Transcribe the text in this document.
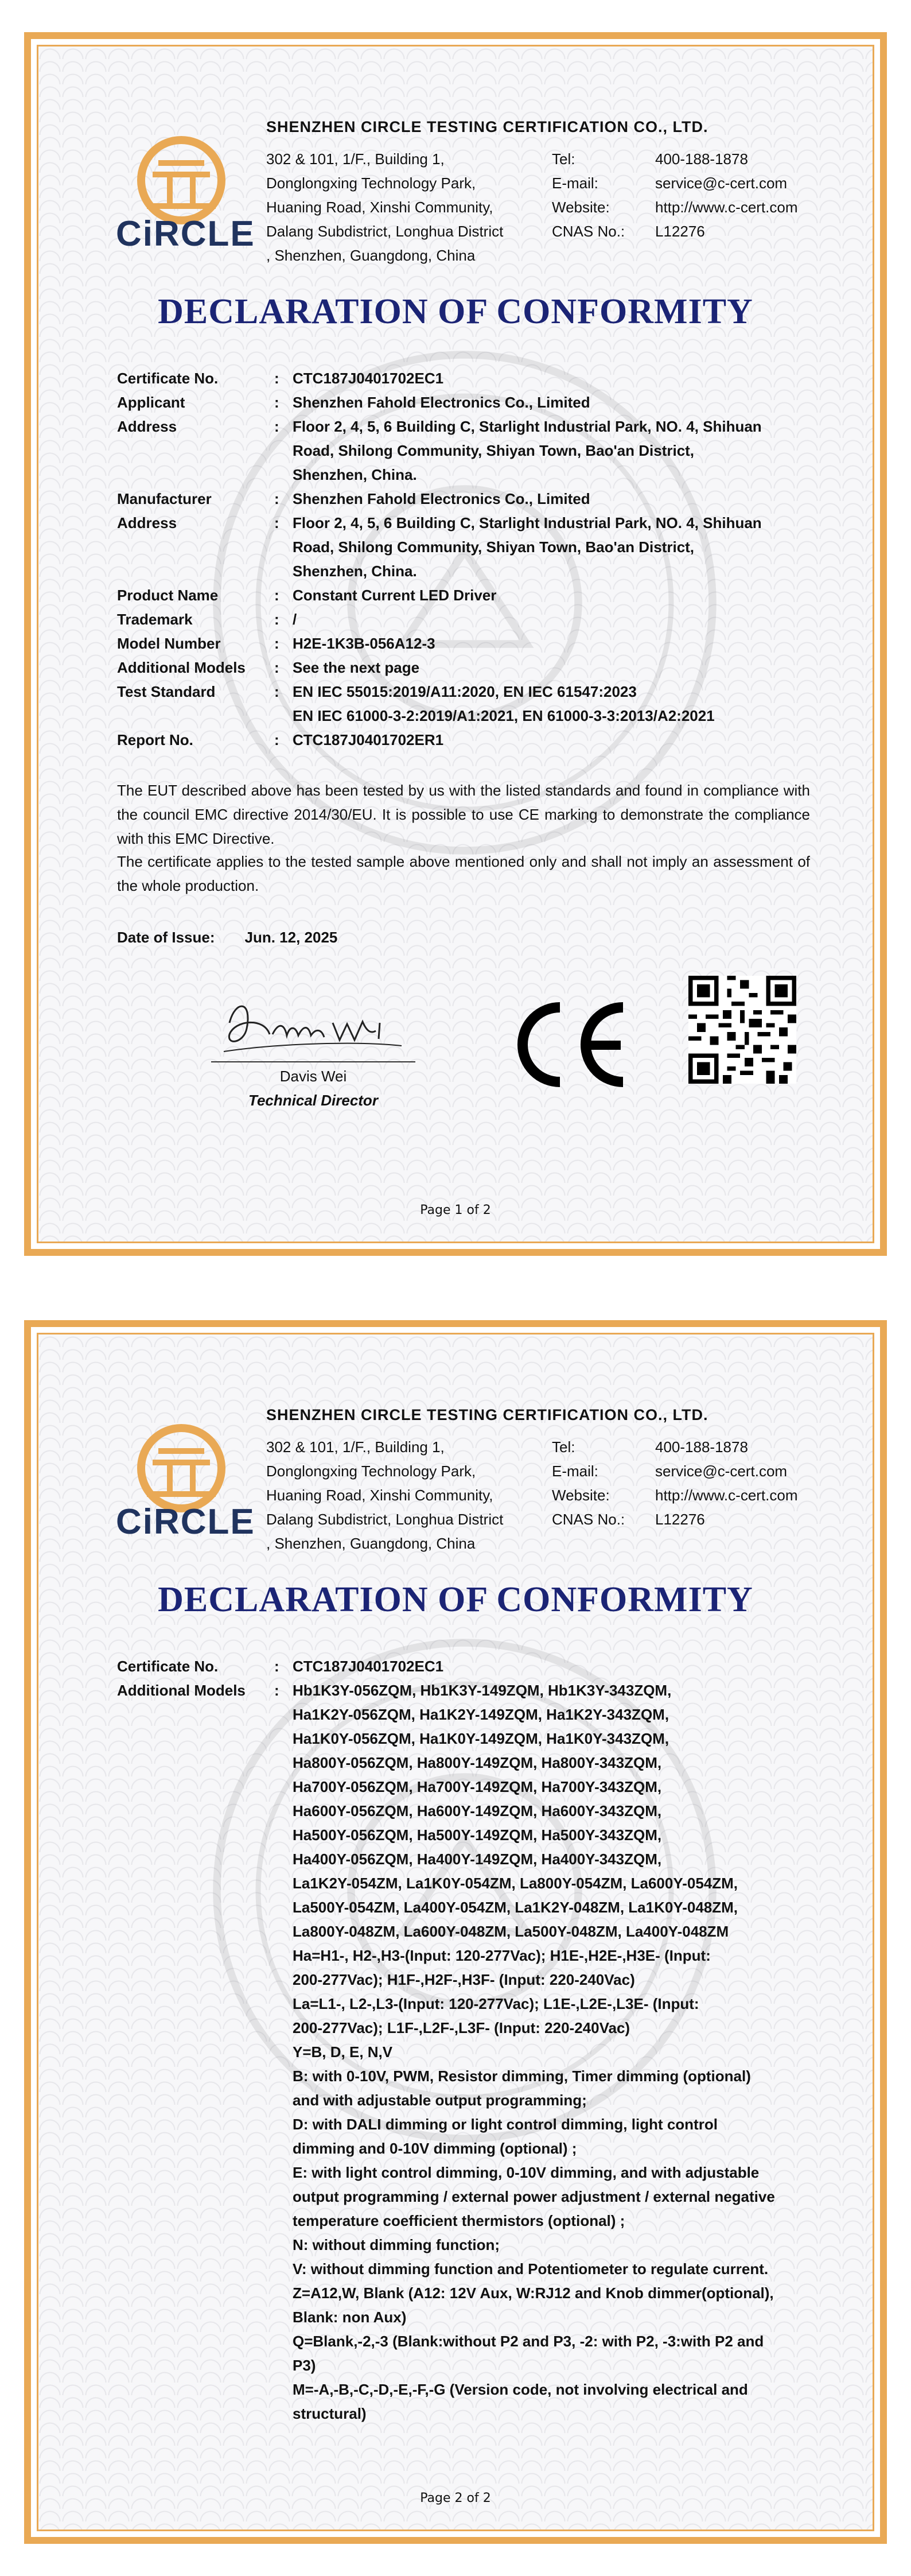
CiRCLE
SHENZHEN CIRCLE TESTING CERTIFICATION CO., LTD.
302 & 101, 1/F., Building 1,
Donglongxing Technology Park,
Huaning Road, Xinshi Community,
Dalang Subdistrict, Longhua District
, Shenzhen, Guangdong, China
Tel:	400-188-1878
E-mail:	service@c-cert.com
Website:	http://www.c-cert.com
CNAS No.: L12276
DECLARATION OF CONFORMITY
Certificate No.	: CTC187J0401702EC1
Applicant	: Shenzhen Fahold Electronics Co., Limited
Address	: Floor 2, 4, 5, 6 Building C, Starlight Industrial Park, NO. 4, Shihuan
Road, Shilong Community, Shiyan Town, Bao'an District,
Shenzhen, China.
Manufacturer	: Shenzhen Fahold Electronics Co., Limited
Address	: Floor 2, 4, 5, 6 Building C, Starlight Industrial Park, NO. 4, Shihuan
Road, Shilong Community, Shiyan Town, Bao'an District,
Shenzhen, China.
Product Name	: Constant Current LED Driver
Trademark	: /
Model Number	: H2E-1K3B-056A12-3
Additional Models	: See the next page
Test Standard	: EN IEC 55015:2019/A11:2020, EN IEC 61547:2023
EN IEC 61000-3-2:2019/A1:2021, EN 61000-3-3:2013/A2:2021
Report No.	: CTC187J0401702ER1
The EUT described above has been tested by us with the listed standards and found in compliance with the council EMC directive 2014/30/EU. It is possible to use CE marking to demonstrate the compliance with this EMC Directive.
The certificate applies to the tested sample above mentioned only and shall not imply an assessment of the whole production.
Date of Issue: Jun. 12, 2025
Davis Wei
Davis Wei
Technical Director
Page 1 of 2
CiRCLE
SHENZHEN CIRCLE TESTING CERTIFICATION CO., LTD.
302 & 101, 1/F., Building 1,
Donglongxing Technology Park,
Huaning Road, Xinshi Community,
Dalang Subdistrict, Longhua District
, Shenzhen, Guangdong, China
Tel:	400-188-1878
E-mail:	service@c-cert.com
Website:	http://www.c-cert.com
CNAS No.: L12276
DECLARATION OF CONFORMITY
Certificate No.	: CTC187J0401702EC1
Additional Models	: Hb1K3Y-056ZQM, Hb1K3Y-149ZQM, Hb1K3Y-343ZQM,
Ha1K2Y-056ZQM, Ha1K2Y-149ZQM, Ha1K2Y-343ZQM,
Ha1K0Y-056ZQM, Ha1K0Y-149ZQM, Ha1K0Y-343ZQM,
Ha800Y-056ZQM, Ha800Y-149ZQM, Ha800Y-343ZQM,
Ha700Y-056ZQM, Ha700Y-149ZQM, Ha700Y-343ZQM,
Ha600Y-056ZQM, Ha600Y-149ZQM, Ha600Y-343ZQM,
Ha500Y-056ZQM, Ha500Y-149ZQM, Ha500Y-343ZQM,
Ha400Y-056ZQM, Ha400Y-149ZQM, Ha400Y-343ZQM,
La1K2Y-054ZM, La1K0Y-054ZM, La800Y-054ZM, La600Y-054ZM,
La500Y-054ZM, La400Y-054ZM, La1K2Y-048ZM, La1K0Y-048ZM,
La800Y-048ZM, La600Y-048ZM, La500Y-048ZM, La400Y-048ZM
Ha=H1-, H2-,H3-(Input: 120-277Vac); H1E-,H2E-,H3E- (Input:
200-277Vac); H1F-,H2F-,H3F- (Input: 220-240Vac)
La=L1-, L2-,L3-(Input: 120-277Vac); L1E-,L2E-,L3E- (Input:
200-277Vac); L1F-,L2F-,L3F- (Input: 220-240Vac)
Y=B, D, E, N,V
B: with 0-10V, PWM, Resistor dimming, Timer dimming (optional)
and with adjustable output programming;
D: with DALI dimming or light control dimming, light control
dimming and 0-10V dimming (optional) ;
E: with light control dimming, 0-10V dimming, and with adjustable
output programming / external power adjustment / external negative
temperature coefficient thermistors (optional) ;
N: without dimming function;
V: without dimming function and Potentiometer to regulate current.
Z=A12,W, Blank (A12: 12V Aux, W:RJ12 and Knob dimmer(optional),
Blank: non Aux)
Q=Blank,-2,-3 (Blank:without P2 and P3, -2: with P2, -3:with P2 and
P3)
M=-A,-B,-C,-D,-E,-F,-G (Version code, not involving electrical and
structural)
Page 2 of 2
